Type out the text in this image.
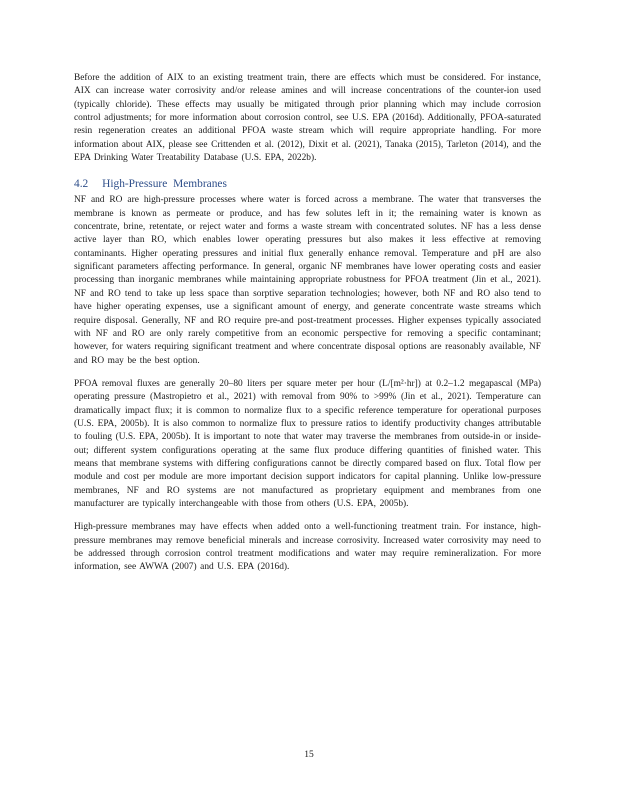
Before the addition of AIX to an existing treatment train, there are effects which must be considered. For instance, AIX can increase water corrosivity and/or release amines and will increase concentrations of the counter-ion used (typically chloride). These effects may usually be mitigated through prior planning which may include corrosion control adjustments; for more information about corrosion control, see U.S. EPA (2016d). Additionally, PFOA-saturated resin regeneration creates an additional PFOA waste stream which will require appropriate handling. For more information about AIX, please see Crittenden et al. (2012), Dixit et al. (2021), Tanaka (2015), Tarleton (2014), and the EPA Drinking Water Treatability Database (U.S. EPA, 2022b).

4.2 High-Pressure Membranes

NF and RO are high-pressure processes where water is forced across a membrane. The water that transverses the membrane is known as permeate or produce, and has few solutes left in it; the remaining water is known as concentrate, brine, retentate, or reject water and forms a waste stream with concentrated solutes. NF has a less dense active layer than RO, which enables lower operating pressures but also makes it less effective at removing contaminants. Higher operating pressures and initial flux generally enhance removal. Temperature and pH are also significant parameters affecting performance. In general, organic NF membranes have lower operating costs and easier processing than inorganic membranes while maintaining appropriate robustness for PFOA treatment (Jin et al., 2021). NF and RO tend to take up less space than sorptive separation technologies; however, both NF and RO also tend to have higher operating expenses, use a significant amount of energy, and generate concentrate waste streams which require disposal. Generally, NF and RO require pre-and post-treatment processes. Higher expenses typically associated with NF and RO are only rarely competitive from an economic perspective for removing a specific contaminant; however, for waters requiring significant treatment and where concentrate disposal options are reasonably available, NF and RO may be the best option.

PFOA removal fluxes are generally 20–80 liters per square meter per hour (L/[m²·hr]) at 0.2–1.2 megapascal (MPa) operating pressure (Mastropietro et al., 2021) with removal from 90% to >99% (Jin et al., 2021). Temperature can dramatically impact flux; it is common to normalize flux to a specific reference temperature for operational purposes (U.S. EPA, 2005b). It is also common to normalize flux to pressure ratios to identify productivity changes attributable to fouling (U.S. EPA, 2005b). It is important to note that water may traverse the membranes from outside-in or inside-out; different system configurations operating at the same flux produce differing quantities of finished water. This means that membrane systems with differing configurations cannot be directly compared based on flux. Total flow per module and cost per module are more important decision support indicators for capital planning. Unlike low-pressure membranes, NF and RO systems are not manufactured as proprietary equipment and membranes from one manufacturer are typically interchangeable with those from others (U.S. EPA, 2005b).

High-pressure membranes may have effects when added onto a well-functioning treatment train. For instance, high-pressure membranes may remove beneficial minerals and increase corrosivity. Increased water corrosivity may need to be addressed through corrosion control treatment modifications and water may require remineralization. For more information, see AWWA (2007) and U.S. EPA (2016d).

15
